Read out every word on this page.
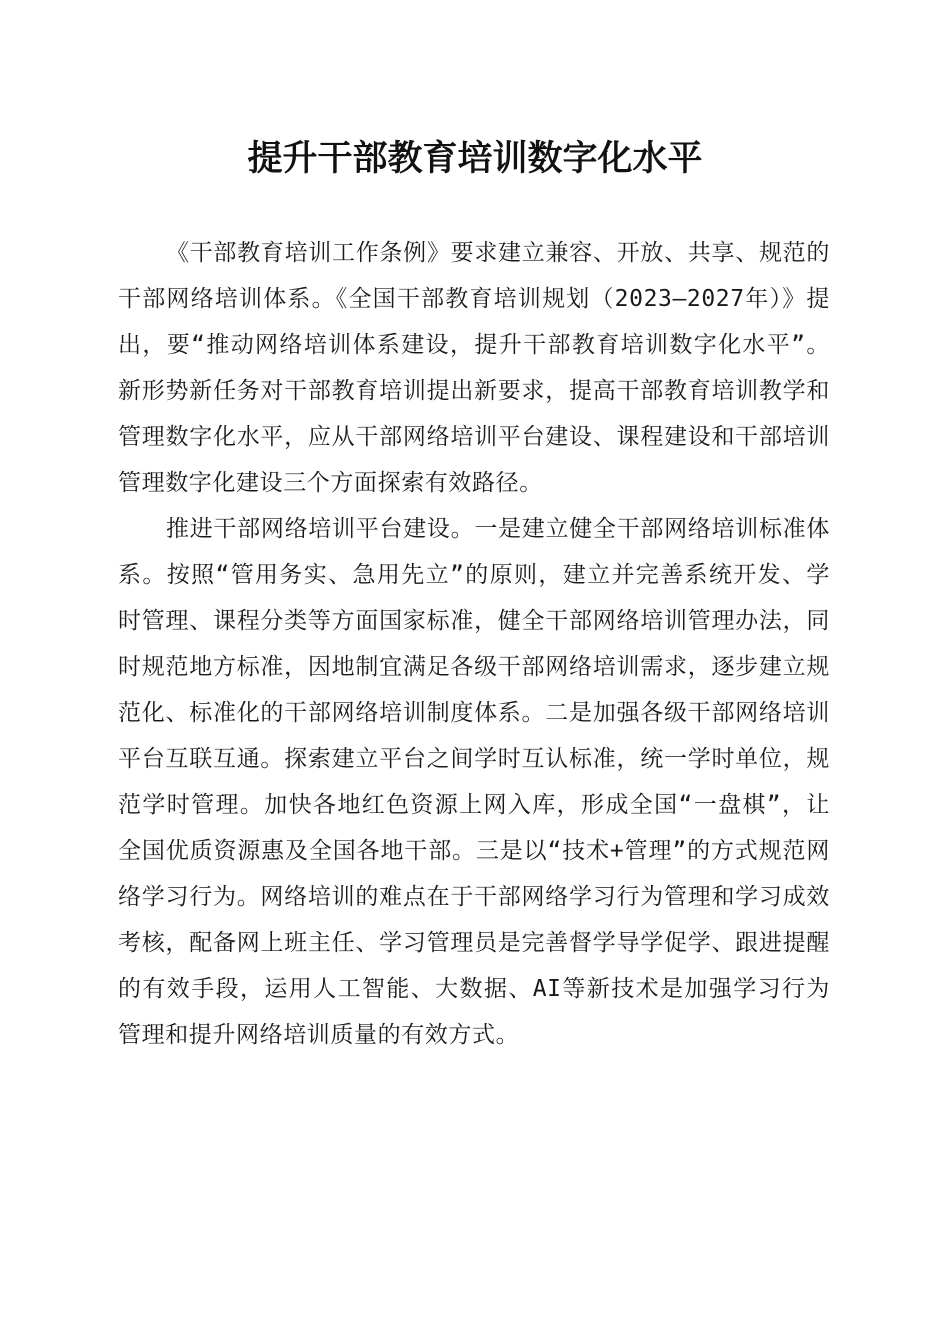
提升干部教育培训数字化水平

《干部教育培训工作条例》要求建立兼容、开放、共享、规范的干部网络培训体系。《全国干部教育培训规划（2023—2027年）》提出，要“推动网络培训体系建设，提升干部教育培训数字化水平”。新形势新任务对干部教育培训提出新要求，提高干部教育培训教学和管理数字化水平，应从干部网络培训平台建设、课程建设和干部培训管理数字化建设三个方面探索有效路径。

推进干部网络培训平台建设。一是建立健全干部网络培训标准体系。按照“管用务实、急用先立”的原则，建立并完善系统开发、学时管理、课程分类等方面国家标准，健全干部网络培训管理办法，同时规范地方标准，因地制宜满足各级干部网络培训需求，逐步建立规范化、标准化的干部网络培训制度体系。二是加强各级干部网络培训平台互联互通。探索建立平台之间学时互认标准，统一学时单位，规范学时管理。加快各地红色资源上网入库，形成全国“一盘棋”，让全国优质资源惠及全国各地干部。三是以“技术+管理”的方式规范网络学习行为。网络培训的难点在于干部网络学习行为管理和学习成效考核，配备网上班主任、学习管理员是完善督学导学促学、跟进提醒的有效手段，运用人工智能、大数据、AI等新技术是加强学习行为管理和提升网络培训质量的有效方式。
